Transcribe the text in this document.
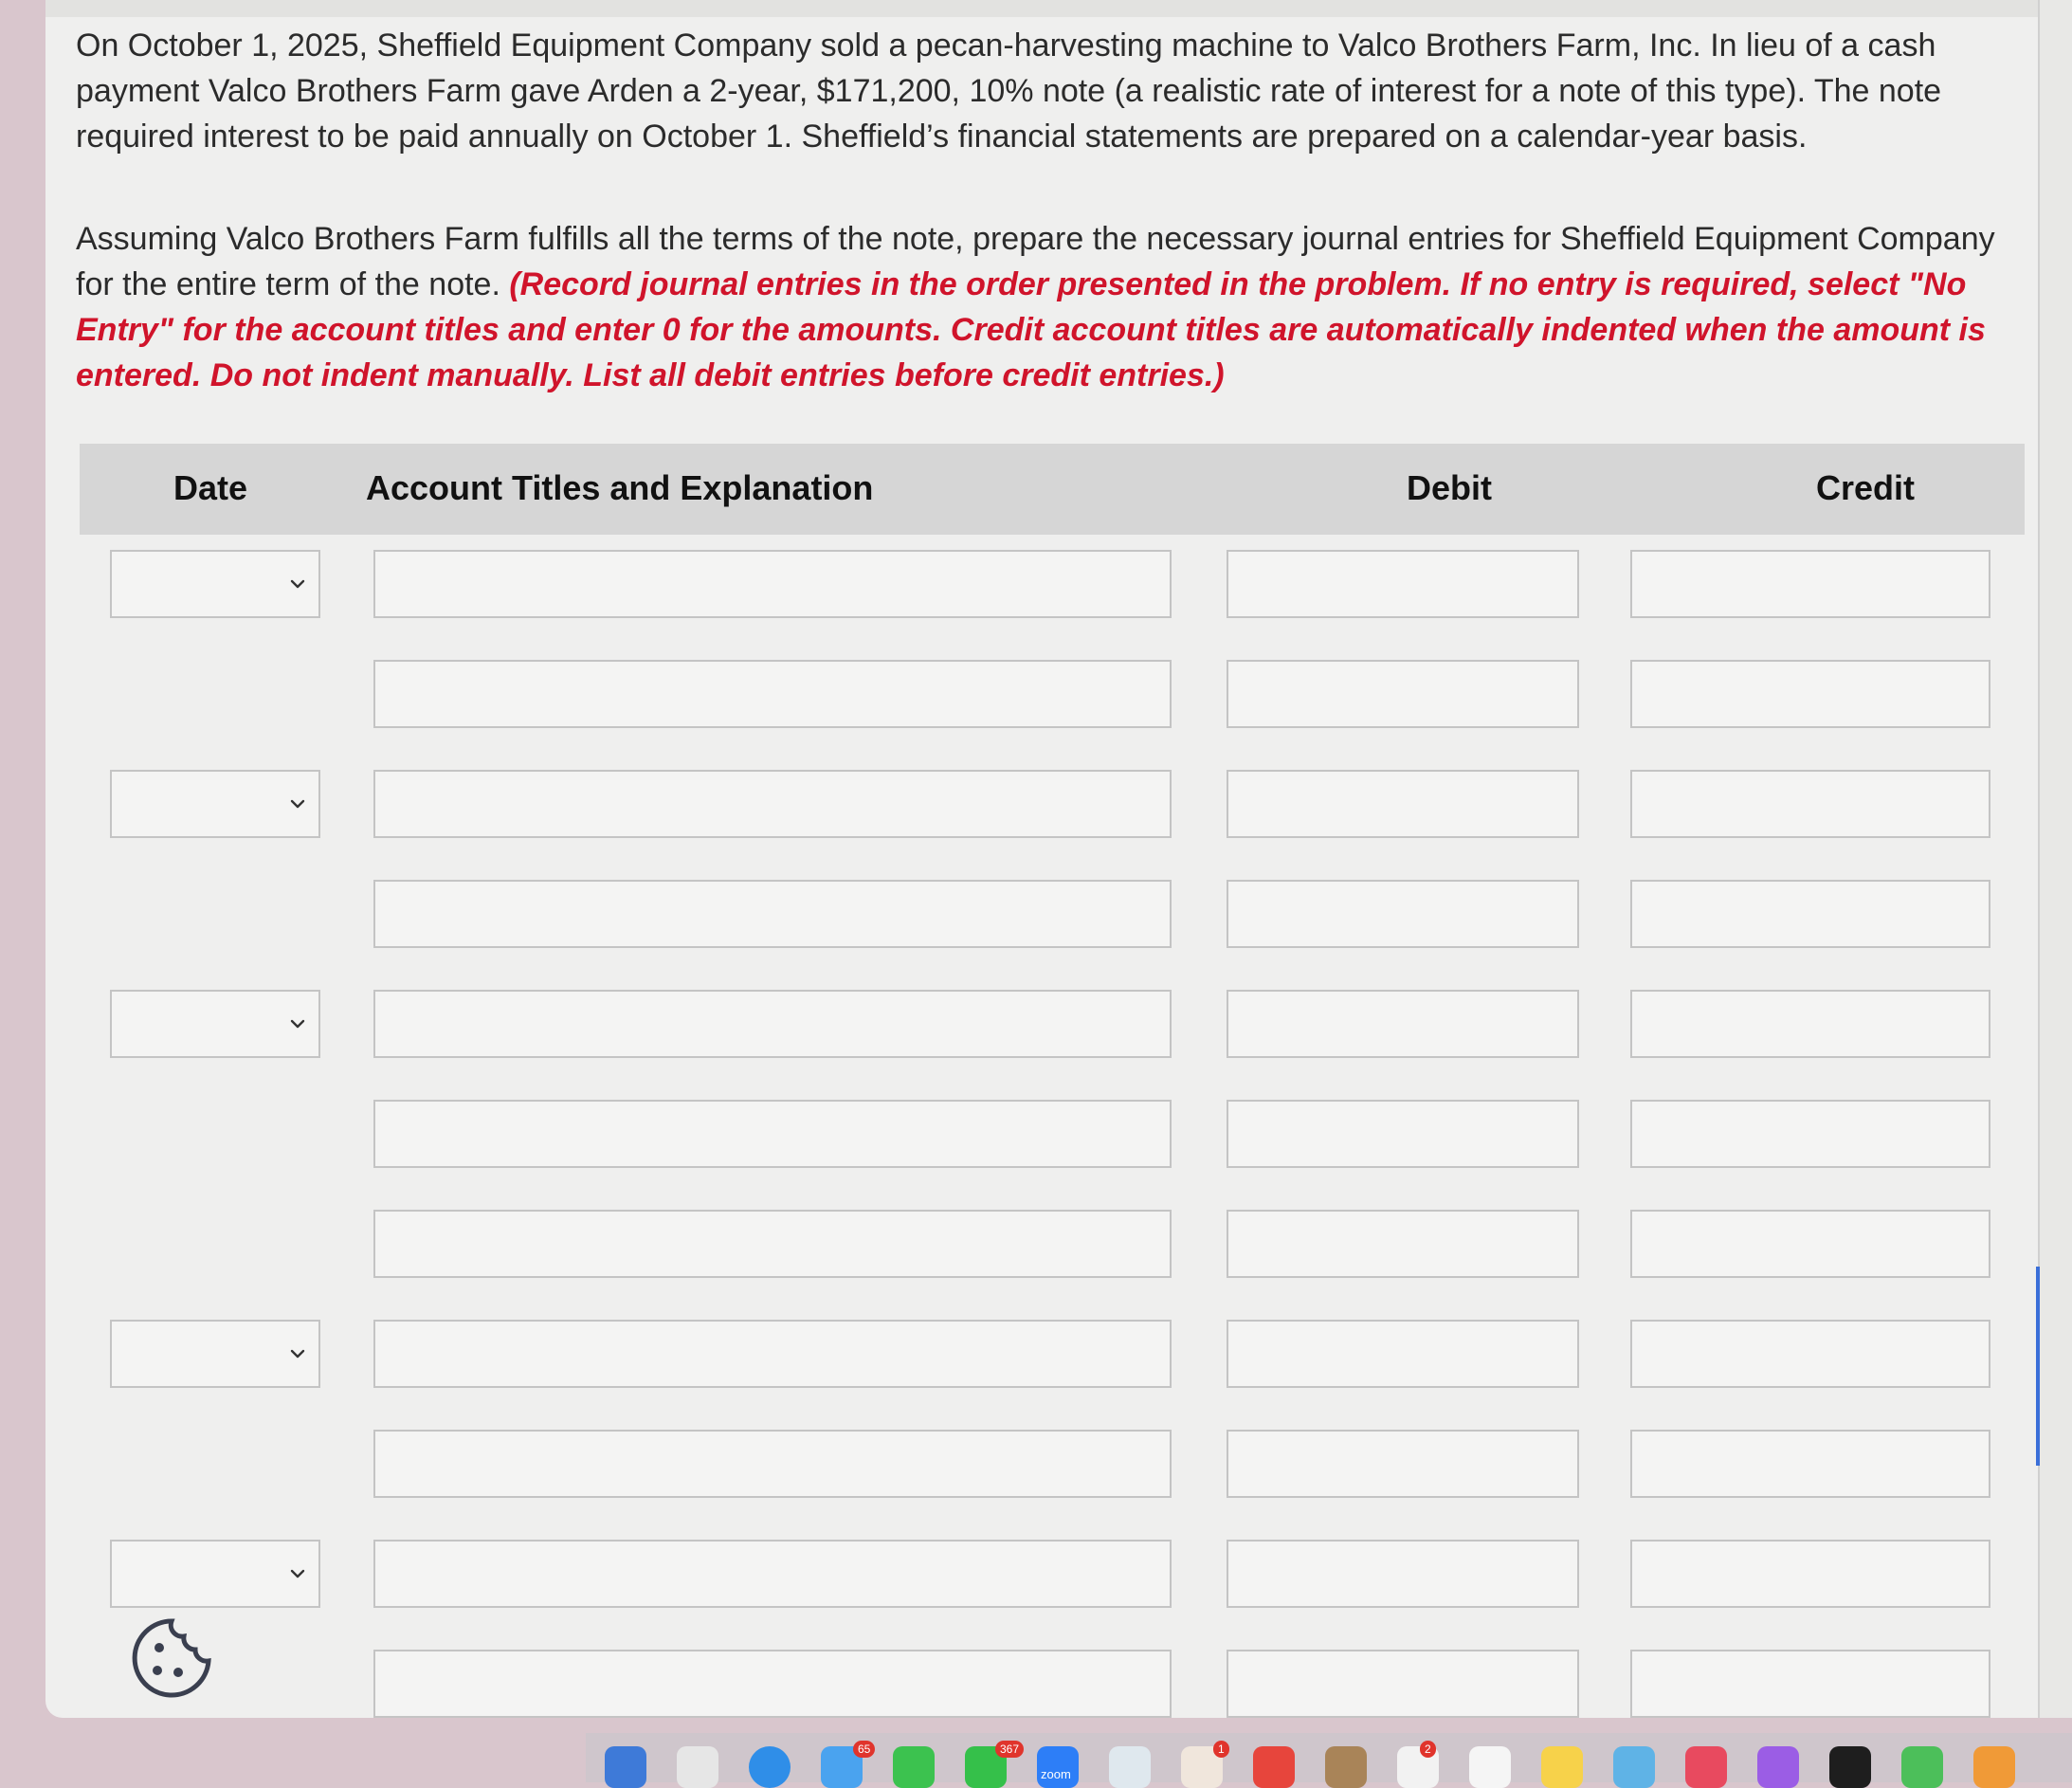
On October 1, 2025, Sheffield Equipment Company sold a pecan-harvesting machine to Valco Brothers Farm, Inc. In lieu of a cash payment Valco Brothers Farm gave Arden a 2-year, $171,200, 10% note (a realistic rate of interest for a note of this type). The note required interest to be paid annually on October 1. Sheffield’s financial statements are prepared on a calendar-year basis.
Assuming Valco Brothers Farm fulfills all the terms of the note, prepare the necessary journal entries for Sheffield Equipment Company for the entire term of the note. (Record journal entries in the order presented in the problem. If no entry is required, select "No Entry" for the account titles and enter 0 for the amounts. Credit account titles are automatically indented when the amount is entered. Do not indent manually. List all debit entries before credit entries.)
Date	Account Titles and Explanation	Debit	Credit
65	367
zoom
1	2
